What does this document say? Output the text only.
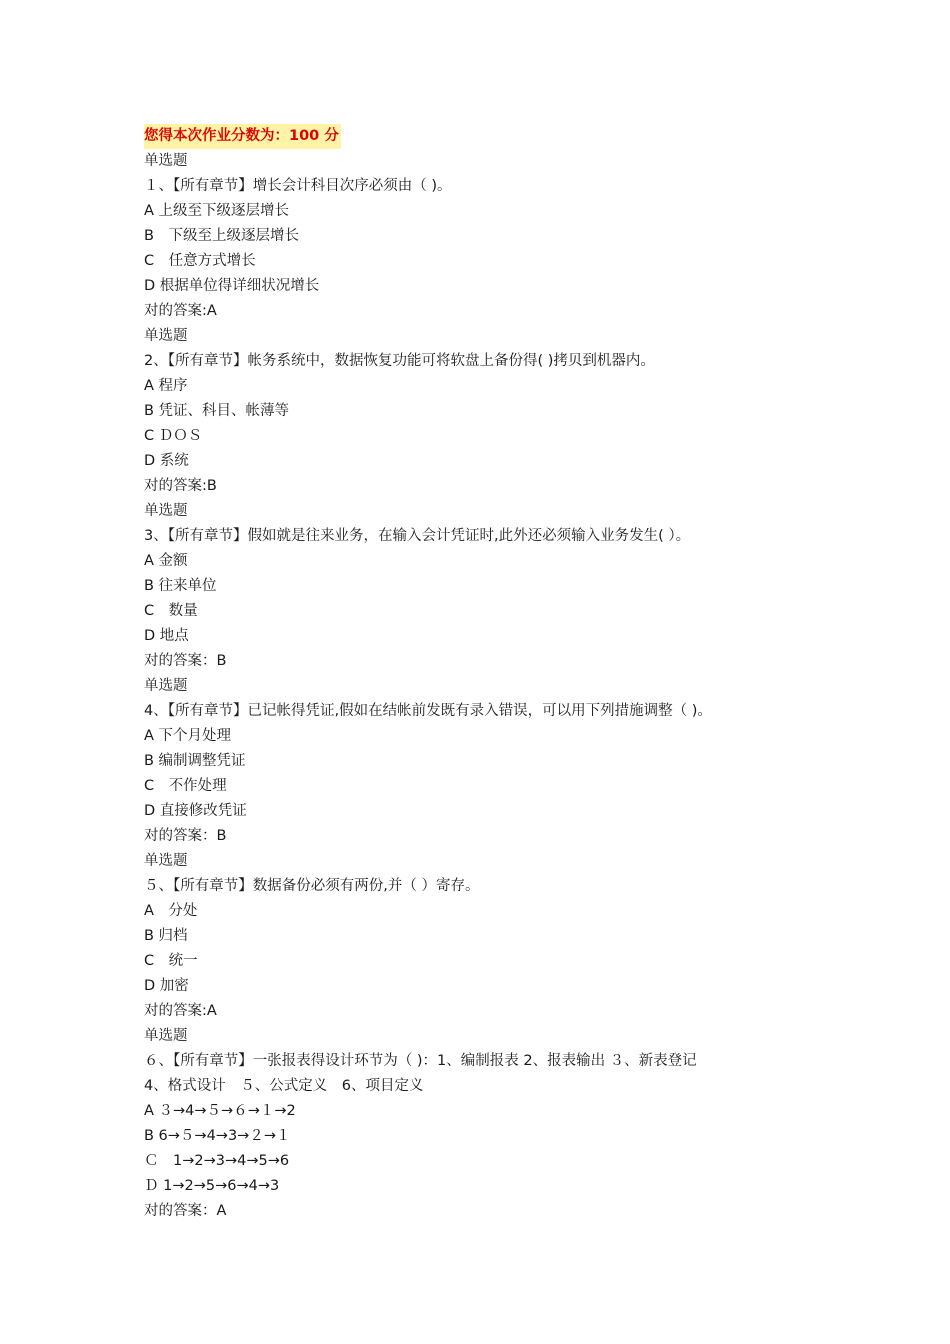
您得本次作业分数为：100 分
单选题
１、【所有章节】增长会计科目次序必须由（ )。
A 上级至下级逐层增长
B　下级至上级逐层增长
C　任意方式增长
D 根据单位得详细状况增长
对的答案:A
单选题
2、【所有章节】帐务系统中，数据恢复功能可将软盘上备份得( )拷贝到机器内。
A 程序
B 凭证、科目、帐薄等
C ＤＯＳ
D 系统
对的答案:B
单选题
3、【所有章节】假如就是往来业务，在输入会计凭证时,此外还必须输入业务发生( ）。
A 金额
B 往来单位
C　数量
D 地点
对的答案：B
单选题
4、【所有章节】已记帐得凭证,假如在结帐前发既有录入错误，可以用下列措施调整（ )。
A 下个月处理
B 编制调整凭证
C　不作处理
D 直接修改凭证
对的答案：B
单选题
５、【所有章节】数据备份必须有两份,并（ ）寄存。
A　分处
B 归档
C　统一
D 加密
对的答案:A
单选题
６、【所有章节】一张报表得设计环节为（ )：1、编制报表 2、报表输出 ３、新表登记
4、格式设计　５、公式定义　6、项目定义
A ３→4→５→６→１→2
B 6→５→4→3→２→１
Ｃ　1→2→3→4→5→6
Ｄ 1→2→5→6→4→3
对的答案：A
